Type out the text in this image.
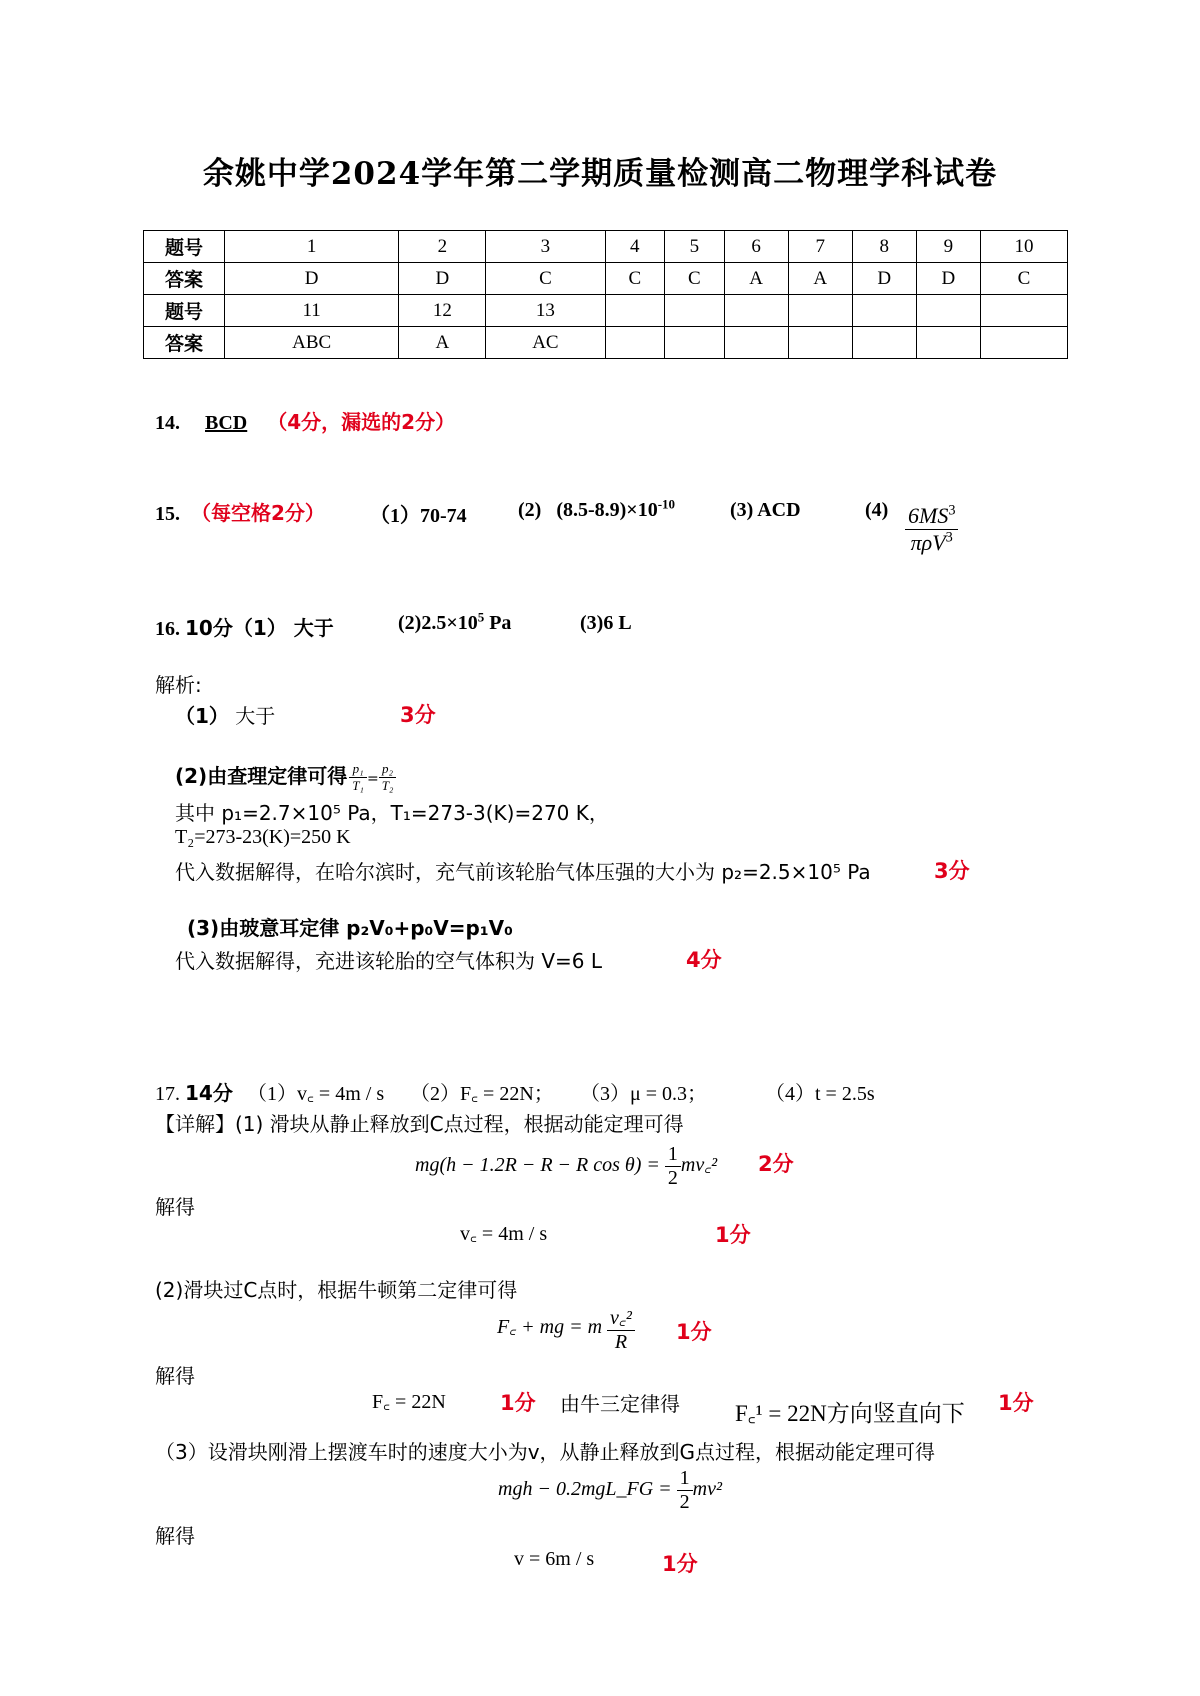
余姚中学2024学年第二学期质量检测高二物理学科试卷
题号	1	2	3	4	5	6	7	8	9	10
答案	D	D	C	C	C	A	A	D	D	C
题号	11	12	13							
答案	ABC	A	AC							
14. BCD （4分，漏选的2分）
15. （每空格2分） （1）70-74	(2) $(8.5-8.9)\times 10^{-10}$	(3) ACD	$(4) \frac{6MS^3}{\pi\rho V^3}$
16. 10分（1） 大于	$(2)2.5\times 10^5$ Pa	(3)6 L
解析:
（1） 大于	3分
(2)由查理定律可得 $\frac{\text{p₁}}{\text{T₁}} = \frac{\text{p₂}}{\text{T₂}}$
其中 p₁=2.7×10⁵ Pa，T₁=273-3(K)=270 K，
T₂=273-23(K)=250 K
代入数据解得，在哈尔滨时，充气前该轮胎气体压强的大小为 p₂=2.5×10⁵ Pa	3分
(3)由玻意耳定律 p₂V₀+p₀V=p₁V₀
代入数据解得，充进该轮胎的空气体积为 V=6 L	4分
17. 14分 （1）v꜀ = 4m / s （2）F꜀ = 22N； （3）μ = 0.3；	（4）t = 2.5s
【详解】(1) 滑块从静止释放到C点过程，根据动能定理可得
mg(h − 1.2R − R − R $\cos \theta) = \frac{1}{2}$ mv꜀² 2分
解得
v꜀ = 4m / s	1分
(2)滑块过C点时，根据牛顿第二定律可得
F꜀ + mg = m $\frac{\text{v꜀²}}{R} 1$分
解得
F꜀ = 22N	1分 由牛三定律得 F꜀¹ = 22N方向竖直向下 1分
（3）设滑块刚滑上摆渡车时的速度大小为v，从静止释放到G点过程，根据动能定理可得
mgh − 0.2mgL_FG = $\frac{1}{2} mv^2$
解得
v = 6m / s	1分
